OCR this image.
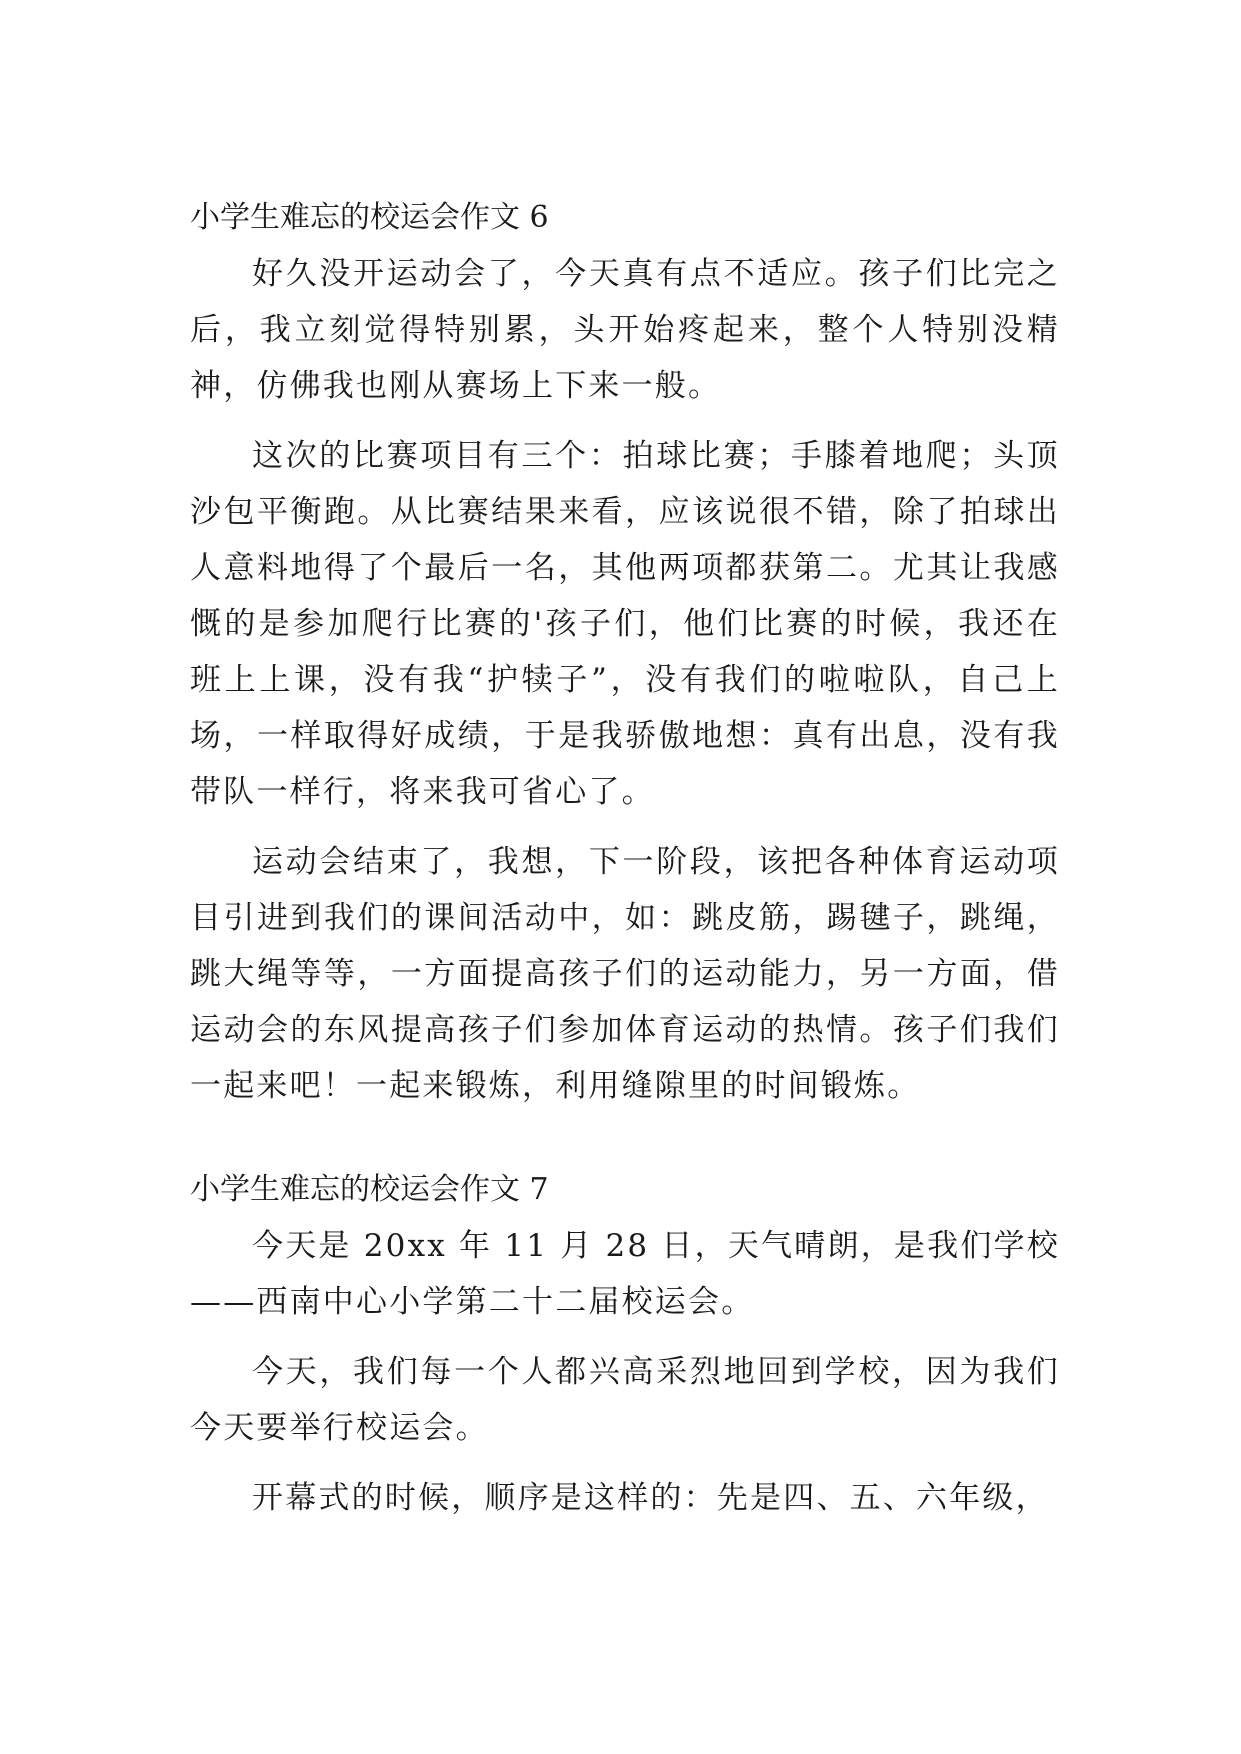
小学生难忘的校运会作文 6

好久没开运动会了，今天真有点不适应。孩子们比完之后，我立刻觉得特别累，头开始疼起来，整个人特别没精神，仿佛我也刚从赛场上下来一般。

这次的比赛项目有三个：拍球比赛；手膝着地爬；头顶沙包平衡跑。从比赛结果来看，应该说很不错，除了拍球出人意料地得了个最后一名，其他两项都获第二。尤其让我感慨的是参加爬行比赛的'孩子们，他们比赛的时候，我还在班上上课，没有我“护犊子”，没有我们的啦啦队，自己上场，一样取得好成绩，于是我骄傲地想：真有出息，没有我带队一样行，将来我可省心了。

运动会结束了，我想，下一阶段，该把各种体育运动项目引进到我们的课间活动中，如：跳皮筋，踢毽子，跳绳，跳大绳等等，一方面提高孩子们的运动能力，另一方面，借运动会的东风提高孩子们参加体育运动的热情。孩子们我们一起来吧！一起来锻炼，利用缝隙里的时间锻炼。

小学生难忘的校运会作文 7

今天是 20xx 年 11 月 28 日，天气晴朗，是我们学校——西南中心小学第二十二届校运会。

今天，我们每一个人都兴高采烈地回到学校，因为我们今天要举行校运会。

开幕式的时候，顺序是这样的：先是四、五、六年级，
